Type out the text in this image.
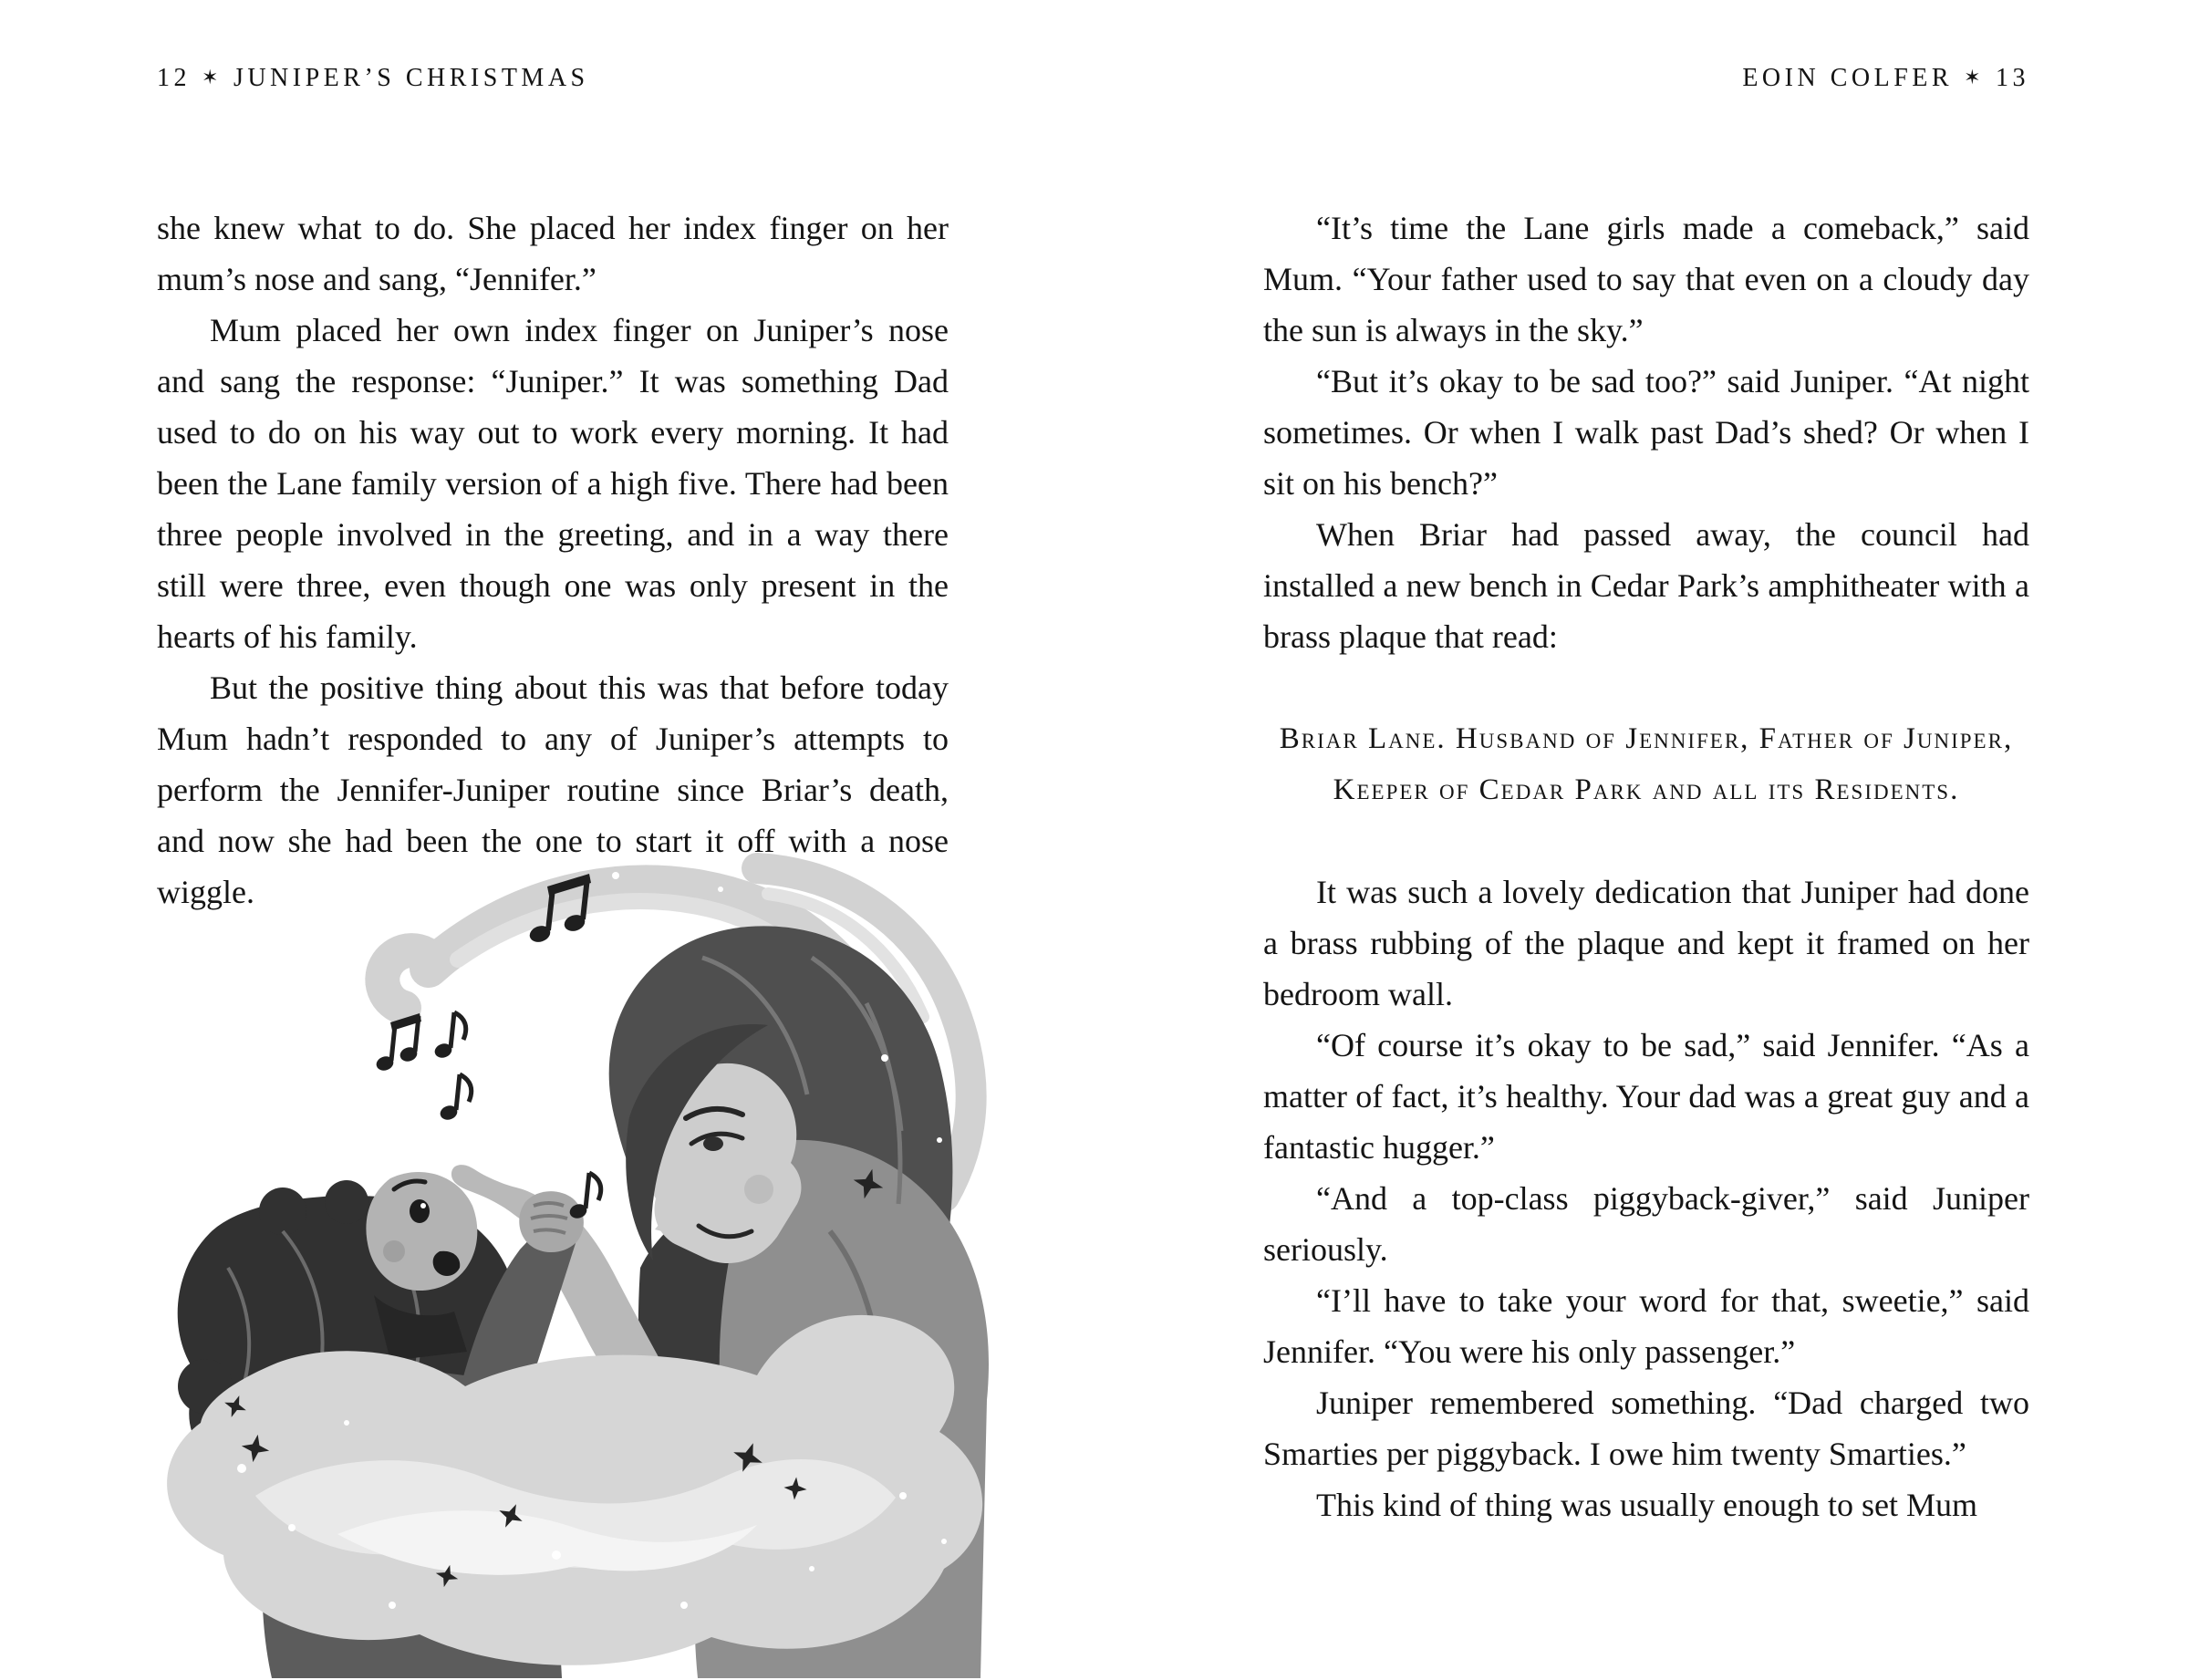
12 ✶ JUNIPER’S CHRISTMAS	EOIN COLFER ✶ 13

she knew what to do. She placed her index finger on her mum’s nose and sang, “Jennifer.”

Mum placed her own index finger on Juniper’s nose and sang the response: “Juniper.” It was something Dad used to do on his way out to work every morning. It had been the Lane family version of a high five. There had been three people involved in the greeting, and in a way there still were three, even though one was only present in the hearts of his family.

But the positive thing about this was that before today Mum hadn’t responded to any of Juniper’s attempts to perform the Jennifer-Juniper routine since Briar’s death, and now she had been the one to start it off with a nose wiggle.

“It’s time the Lane girls made a comeback,” said Mum. “Your father used to say that even on a cloudy day the sun is always in the sky.”

“But it’s okay to be sad too?” said Juniper. “At night sometimes. Or when I walk past Dad’s shed? Or when I sit on his bench?”

When Briar had passed away, the council had installed a new bench in Cedar Park’s amphitheater with a brass plaque that read:

Briar Lane. Husband of Jennifer, Father of Juniper,
Keeper of Cedar Park and all its Residents.

It was such a lovely dedication that Juniper had done a brass rubbing of the plaque and kept it framed on her bedroom wall.

“Of course it’s okay to be sad,” said Jennifer. “As a matter of fact, it’s healthy. Your dad was a great guy and a fantastic hugger.”

“And a top-class piggyback-giver,” said Juniper seriously.

“I’ll have to take your word for that, sweetie,” said Jennifer. “You were his only passenger.”

Juniper remembered something. “Dad charged two Smarties per piggyback. I owe him twenty Smarties.”

This kind of thing was usually enough to set Mum
